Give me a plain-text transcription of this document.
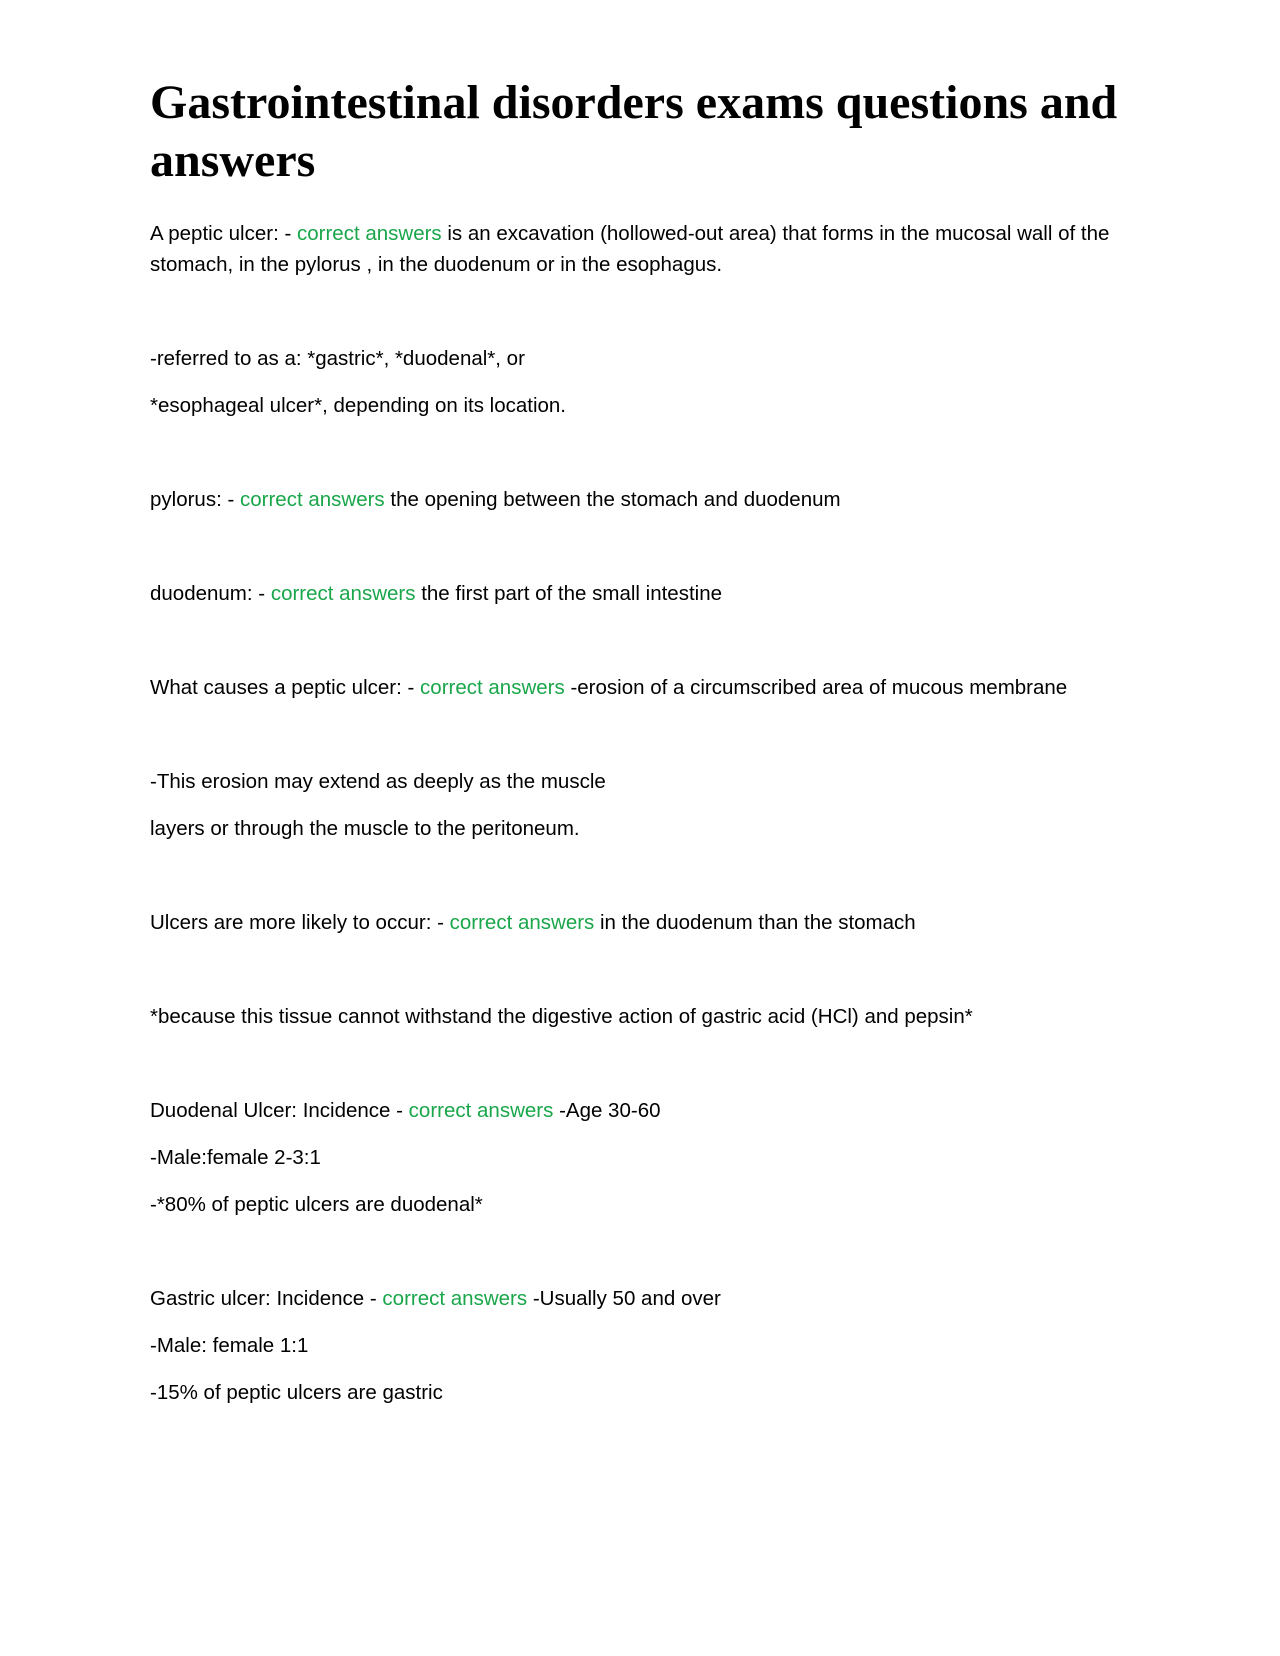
Gastrointestinal disorders exams questions and answers

A peptic ulcer: - correct answers is an excavation (hollowed-out area) that forms in the mucosal wall of the stomach, in the pylorus , in the duodenum or in the esophagus.

-referred to as a: *gastric*, *duodenal*, or

*esophageal ulcer*, depending on its location.

pylorus: - correct answers the opening between the stomach and duodenum

duodenum: - correct answers the first part of the small intestine

What causes a peptic ulcer: - correct answers -erosion of a circumscribed area of mucous membrane

-This erosion may extend as deeply as the muscle

layers or through the muscle to the peritoneum.

Ulcers are more likely to occur: - correct answers in the duodenum than the stomach

*because this tissue cannot withstand the digestive action of gastric acid (HCl) and pepsin*

Duodenal Ulcer: Incidence - correct answers -Age 30-60

-Male:female 2-3:1

-*80% of peptic ulcers are duodenal*

Gastric ulcer: Incidence - correct answers -Usually 50 and over

-Male: female 1:1

-15% of peptic ulcers are gastric
